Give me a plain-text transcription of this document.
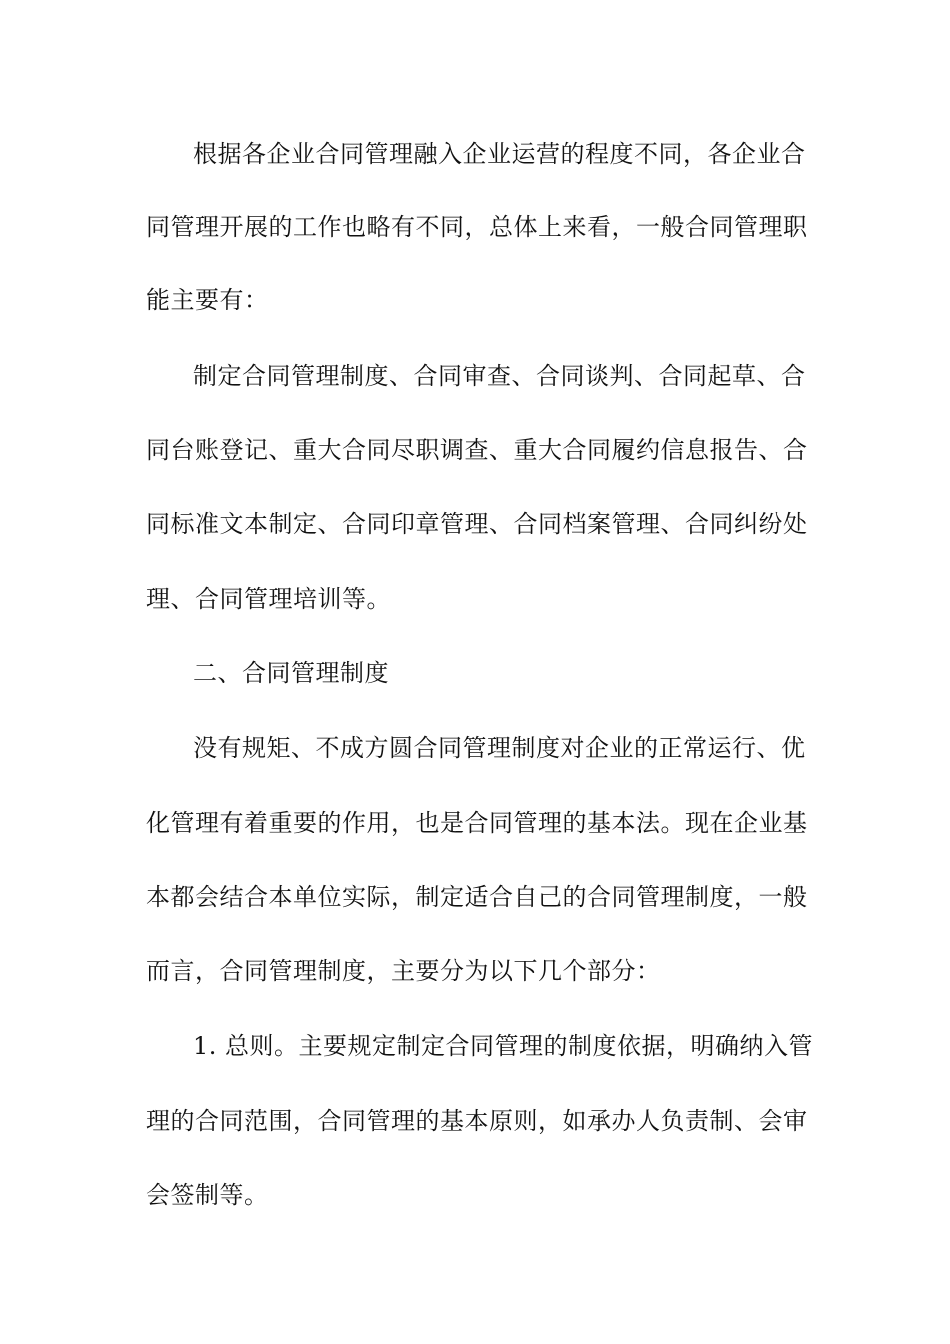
根据各企业合同管理融入企业运营的程度不同，各企业合
同管理开展的工作也略有不同，总体上来看，一般合同管理职
能主要有：
制定合同管理制度、合同审查、合同谈判、合同起草、合
同台账登记、重大合同尽职调查、重大合同履约信息报告、合
同标准文本制定、合同印章管理、合同档案管理、合同纠纷处
理、合同管理培训等。
二、合同管理制度
没有规矩、不成方圆合同管理制度对企业的正常运行、优
化管理有着重要的作用，也是合同管理的基本法。现在企业基
本都会结合本单位实际，制定适合自己的合同管理制度，一般
而言，合同管理制度，主要分为以下几个部分：
1. 总则。主要规定制定合同管理的制度依据，明确纳入管
理的合同范围，合同管理的基本原则，如承办人负责制、会审
会签制等。
